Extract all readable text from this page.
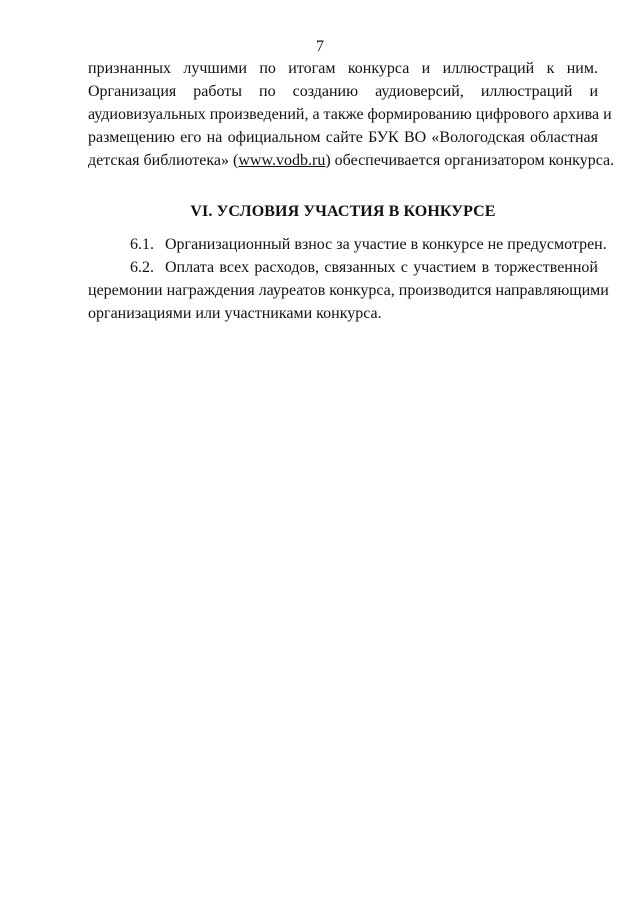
7
признанных лучшими по итогам конкурса и иллюстраций к ним.
Организация работы по созданию аудиоверсий, иллюстраций и
аудиовизуальных произведений, а также формированию цифрового архива и
размещению его на официальном сайте БУК ВО «Вологодская областная
детская библиотека» (www.vodb.ru) обеспечивается организатором конкурса.
VI. УСЛОВИЯ УЧАСТИЯ В КОНКУРСЕ
6.1. Организационный взнос за участие в конкурсе не предусмотрен.
6.2. Оплата всех расходов, связанных с участием в торжественной
церемонии награждения лауреатов конкурса, производится направляющими
организациями или участниками конкурса.
